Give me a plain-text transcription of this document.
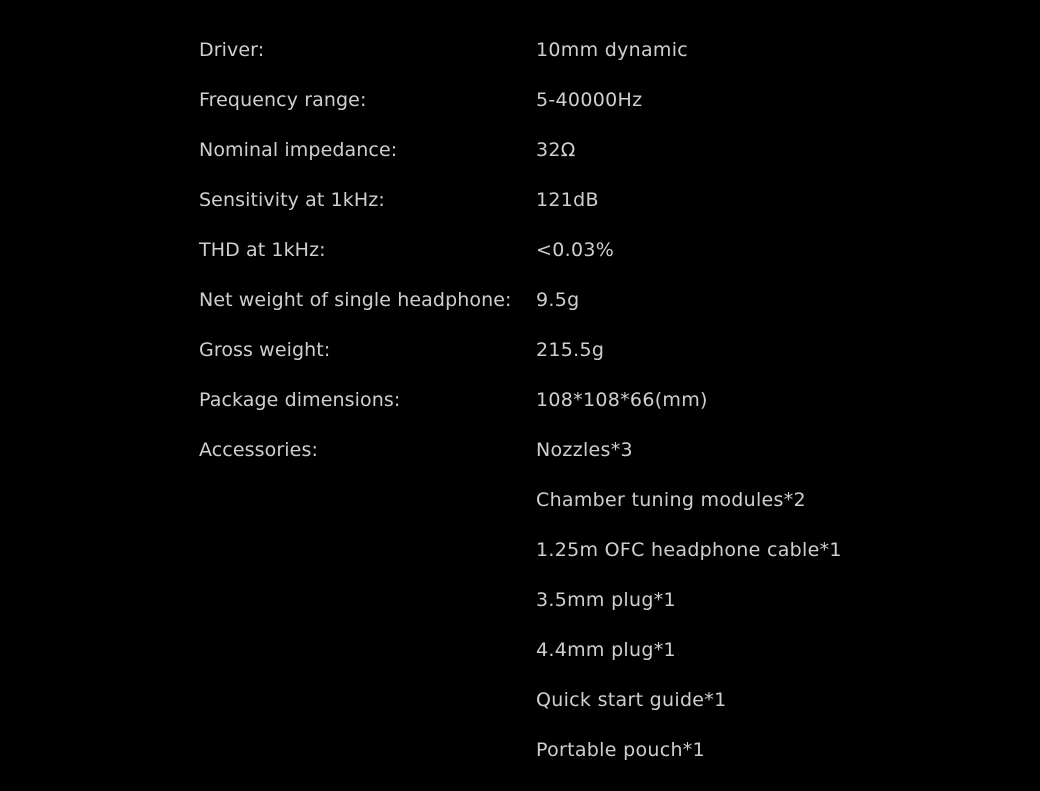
Driver:	10mm dynamic
Frequency range:	5-40000Hz
Nominal impedance:	32Ω
Sensitivity at 1kHz:	121dB
THD at 1kHz:	<0.03%
Net weight of single headphone:	9.5g
Gross weight:	215.5g
Package dimensions:	108*108*66(mm)
Accessories:	Nozzles*3
Chamber tuning modules*2
1.25m OFC headphone cable*1
3.5mm plug*1
4.4mm plug*1
Quick start guide*1
Portable pouch*1
